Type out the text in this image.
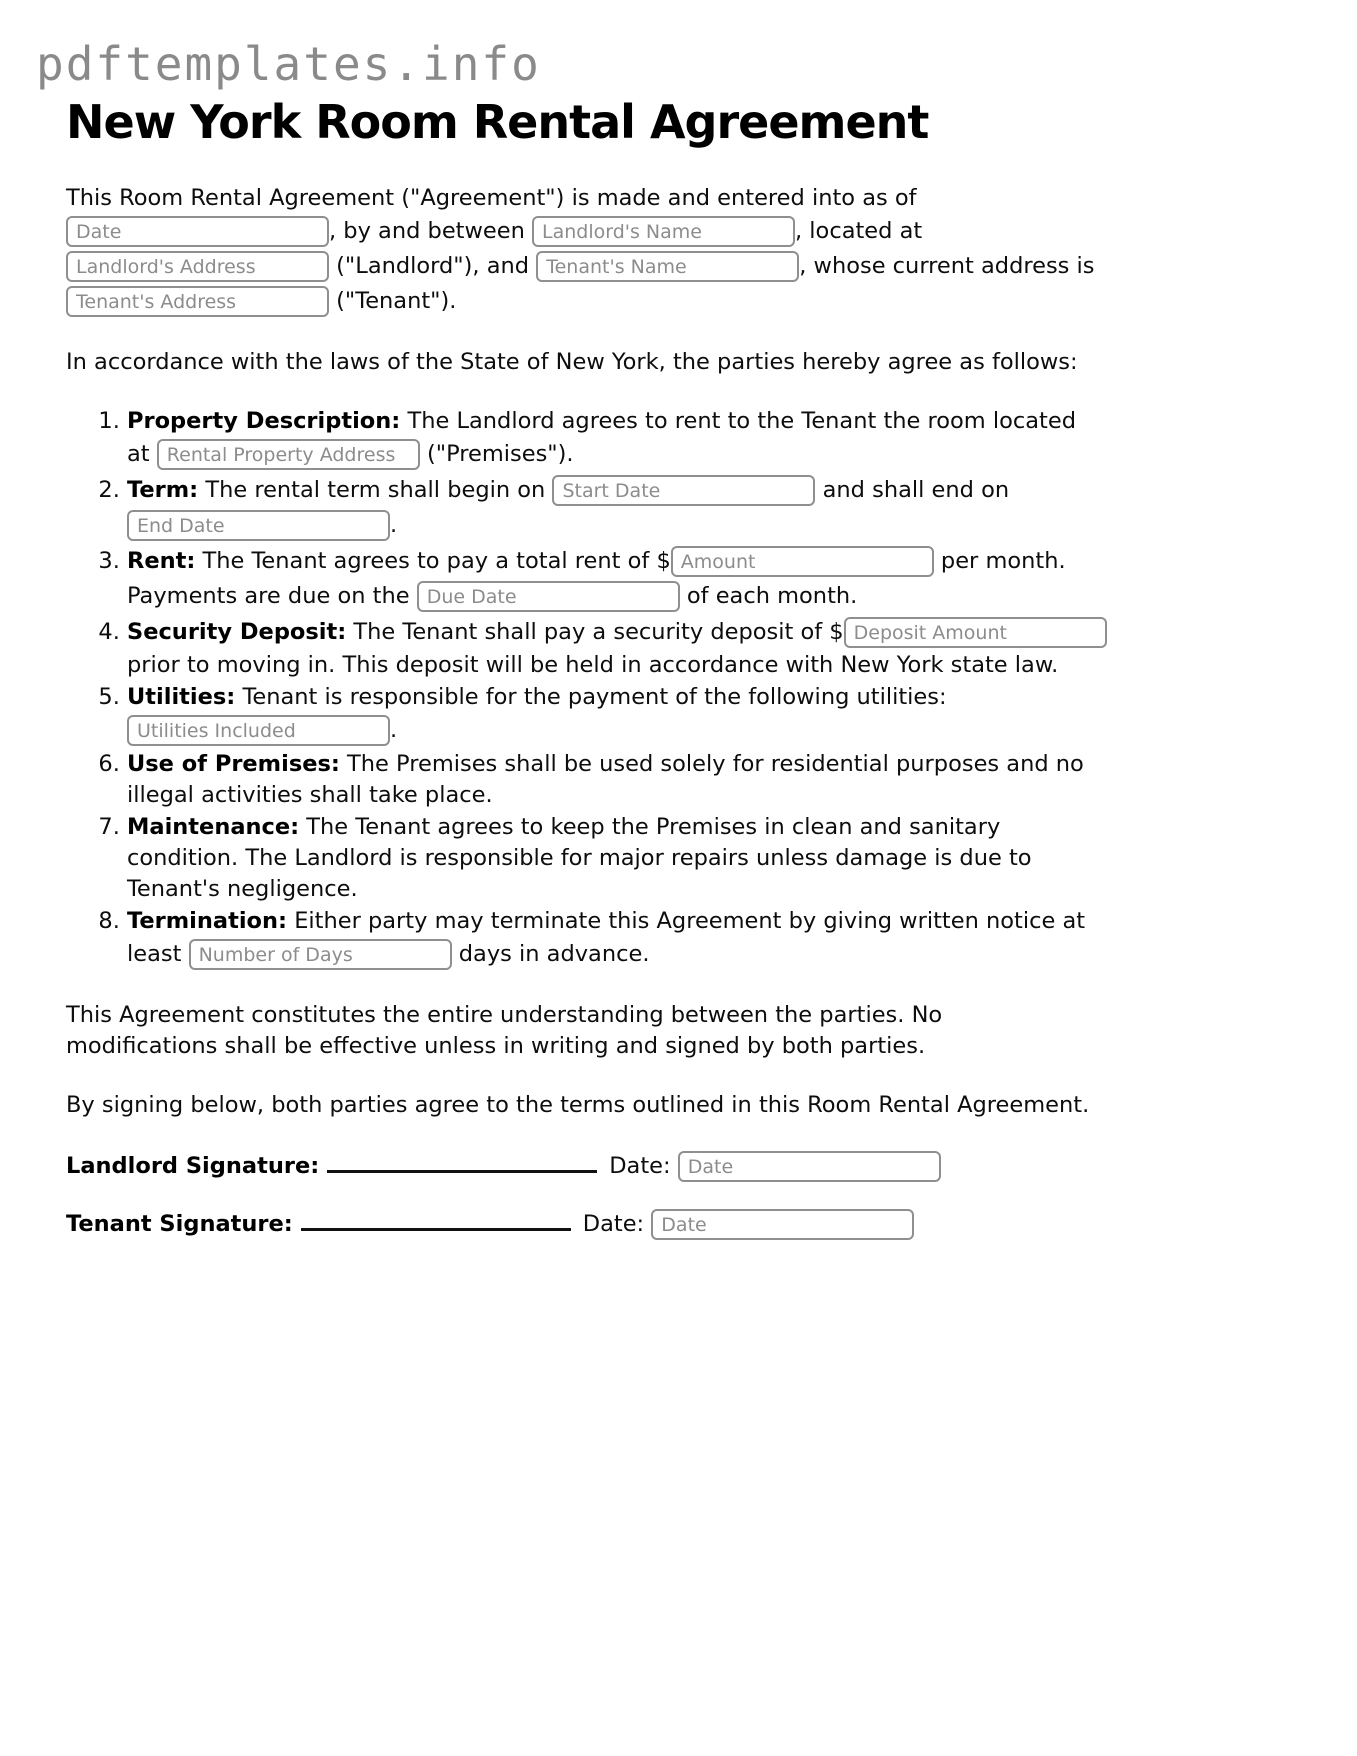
pdftemplates.info
New York Room Rental Agreement
This Room Rental Agreement ("Agreement") is made and entered into as of
Date, by and between Landlord's Name	, located at
Landlord's Address ("Landlord"), and Tenant's Name	, whose current address is
Tenant's Address ("Tenant").
In accordance with the laws of the State of New York, the parties hereby agree as follows:
1. Property Description: The Landlord agrees to rent to the Tenant the room located
at Rental Property Address	("Premises").
2. Term: The rental term shall begin on Start Date	and shall end on
End Date.
3. Rent: The Tenant agrees to pay a total rent of $Amount	per month.
Payments are due on the Due Date	of each month.
4. Security Deposit: The Tenant shall pay a security deposit of $Deposit Amount
prior to moving in. This deposit will be held in accordance with New York state law.
5. Utilities: Tenant is responsible for the payment of the following utilities:
Utilities Included.
6. Use of Premises: The Premises shall be used solely for residential purposes and no
illegal activities shall take place.
7. Maintenance: The Tenant agrees to keep the Premises in clean and sanitary
condition. The Landlord is responsible for major repairs unless damage is due to
Tenant's negligence.
8. Termination: Either party may terminate this Agreement by giving written notice at
least Number of Days	days in advance.
This Agreement constitutes the entire understanding between the parties. No
modifications shall be effective unless in writing and signed by both parties.
By signing below, both parties agree to the terms outlined in this Room Rental Agreement.
Landlord Signature:	Date: Date
Tenant Signature:	Date: Date
